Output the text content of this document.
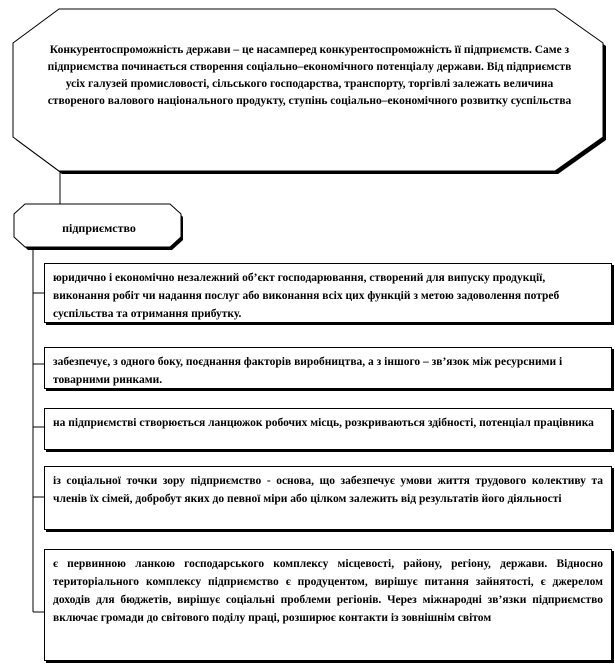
Конкурентоспроможність держави – це насамперед конкурентоспроможність її підприємств. Саме з підприємства починається створення соціально–економічного потенціалу держави. Від підприємств усіх галузей промисловості, сільського господарства, транспорту, торгівлі залежать величина створеного валового національного продукту, ступінь соціально–економічного розвитку суспільства
підприємство

юридично і економічно незалежний об’єкт господарювання, створений для випуску продукції, виконання робіт чи надання послуг або виконання всіх цих функцій з метою задоволення потреб суспільства та отримання прибутку.

забезпечує, з одного боку, поєднання факторів виробництва, а з іншого – зв’язок між ресурсними і товарними ринками.

на підприємстві створюється ланцюжок робочих місць, розкриваються здібності, потенціал працівника

із соціальної точки зору підприємство - основа, що забезпечує умови життя трудового колективу та членів їх сімей, добробут яких до певної міри або цілком залежить від результатів його діяльності

є первинною ланкою господарського комплексу місцевості, району, регіону, держави. Відносно територіального комплексу підприємство є продуцентом, вирішує питання зайнятості, є джерелом доходів для бюджетів, вирішує соціальні проблеми регіонів. Через міжнародні зв’язки підприємство включає громади до світового поділу праці, розширює контакти із зовнішнім світом
